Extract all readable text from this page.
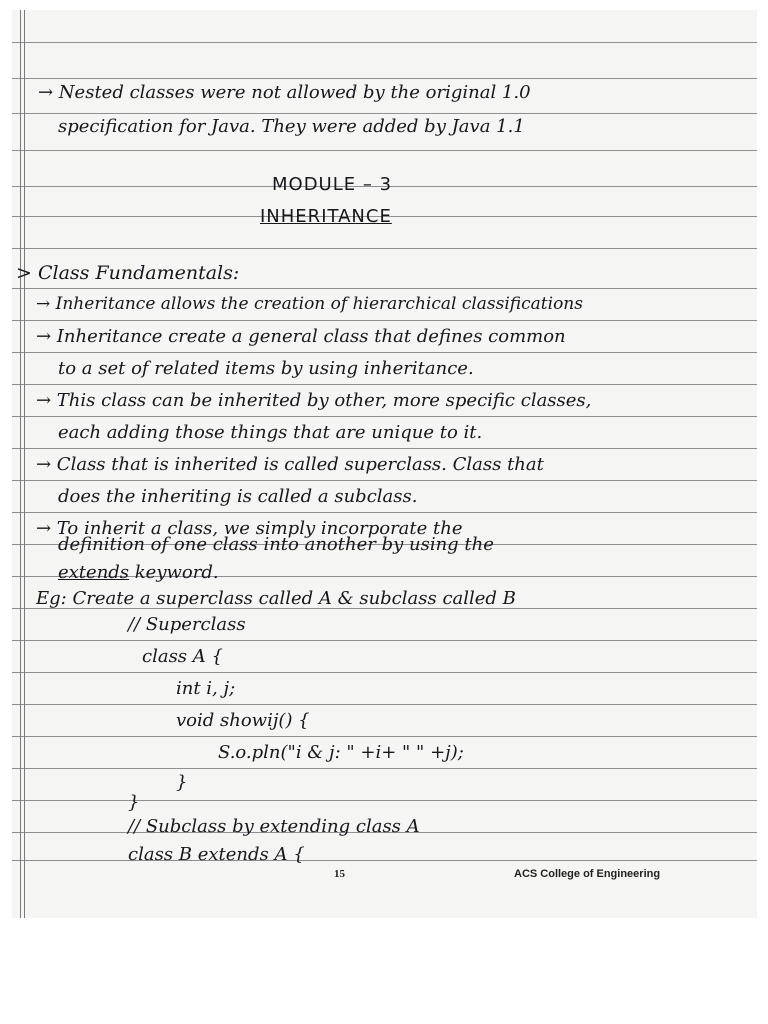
→ Nested classes were not allowed by the original 1.0
specification for Java. They were added by Java 1.1
MODULE – 3
INHERITANCE
> Class Fundamentals:
→ Inheritance allows the creation of hierarchical classifications
→ Inheritance create a general class that defines common
to a set of related items by using inheritance.
→ This class can be inherited by other, more specific classes,
each adding those things that are unique to it.
→ Class that is inherited is called superclass. Class that
does the inheriting is called a subclass.
→ To inherit a class, we simply incorporate the
extends keyword.
definition of one class into another by using the
Eg: Create a superclass called A & subclass called B
// Superclass
class A {
int i, j;
void showij() {
S.o.pln("i & j: " +i+ " " +j);
}
}
// Subclass by extending class A
class B extends A {
15	ACS College of Engineering
